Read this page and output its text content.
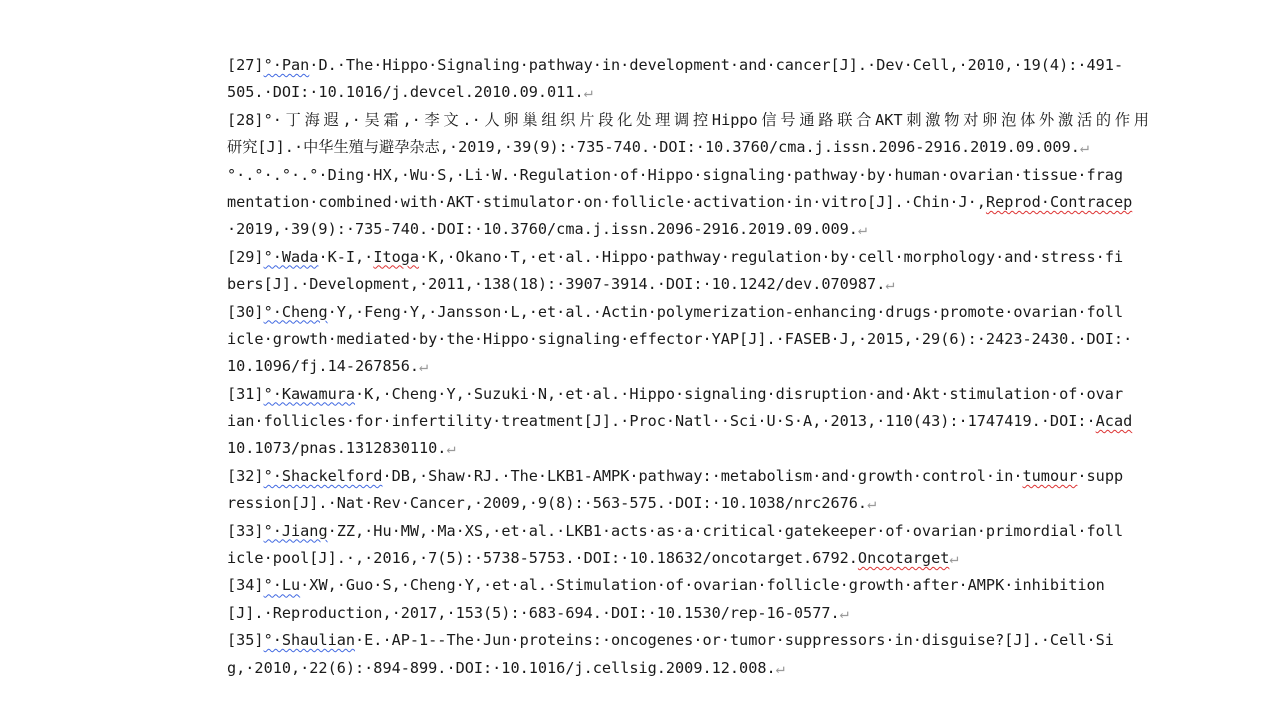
[27]°·Pan·D.·The·Hippo·Signaling·pathway·in·development·and·cancer[J].·Dev·Cell,·2010,·19(4):·491-
505.·DOI:·10.1016/j.devcel.2010.09.011.↵
[28]°·丁海遐,·吴霜,·李文.·人卵巢组织片段化处理调控Hippo信号通路联合AKT刺激物对卵泡体外激活的作用
研究[J].·中华生殖与避孕杂志,·2019,·39(9):·735-740.·DOI:·10.3760/cma.j.issn.2096-2916.2019.09.009.↵
°·.°·.°·.°·Ding·HX,·Wu·S,·Li·W.·Regulation·of·Hippo·signaling·pathway·by·human·ovarian·tissue·frag
mentation·combined·with·AKT·stimulator·on·follicle·activation·in·vitro[J].·Chin·J·,Reprod·Contracep
·2019,·39(9):·735-740.·DOI:·10.3760/cma.j.issn.2096-2916.2019.09.009.↵
[29]°·Wada·K-I,·Itoga·K,·Okano·T,·et·al.·Hippo·pathway·regulation·by·cell·morphology·and·stress·fi
bers[J].·Development,·2011,·138(18):·3907-3914.·DOI:·10.1242/dev.070987.↵
[30]°·Cheng·Y,·Feng·Y,·Jansson·L,·et·al.·Actin·polymerization-enhancing·drugs·promote·ovarian·foll
icle·growth·mediated·by·the·Hippo·signaling·effector·YAP[J].·FASEB·J,·2015,·29(6):·2423-2430.·DOI:·
10.1096/fj.14-267856.↵
[31]°·Kawamura·K,·Cheng·Y,·Suzuki·N,·et·al.·Hippo·signaling·disruption·and·Akt·stimulation·of·ovar
ian·follicles·for·infertility·treatment[J].·Proc·Natl··Sci·U·S·A,·2013,·110(43):·1747419.·DOI:·Acad
10.1073/pnas.1312830110.↵
[32]°·Shackelford·DB,·Shaw·RJ.·The·LKB1-AMPK·pathway:·metabolism·and·growth·control·in·tumour·supp
ression[J].·Nat·Rev·Cancer,·2009,·9(8):·563-575.·DOI:·10.1038/nrc2676.↵
[33]°·Jiang·ZZ,·Hu·MW,·Ma·XS,·et·al.·LKB1·acts·as·a·critical·gatekeeper·of·ovarian·primordial·foll
icle·pool[J].·,·2016,·7(5):·5738-5753.·DOI:·10.18632/oncotarget.6792.Oncotarget↵
[34]°·Lu·XW,·Guo·S,·Cheng·Y,·et·al.·Stimulation·of·ovarian·follicle·growth·after·AMPK·inhibition
[J].·Reproduction,·2017,·153(5):·683-694.·DOI:·10.1530/rep-16-0577.↵
[35]°·Shaulian·E.·AP-1--The·Jun·proteins:·oncogenes·or·tumor·suppressors·in·disguise?[J].·Cell·Si
g,·2010,·22(6):·894-899.·DOI:·10.1016/j.cellsig.2009.12.008.↵
